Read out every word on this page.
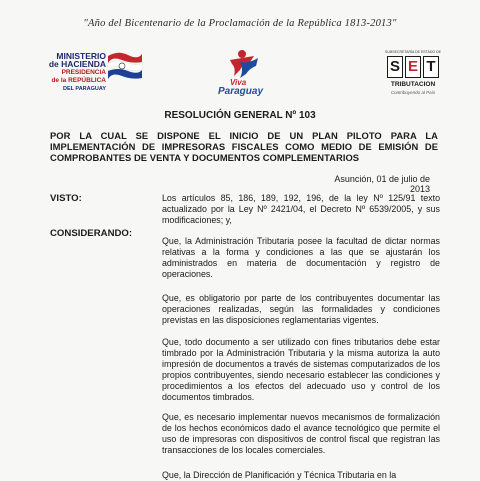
"Año del Bicentenario de la Proclamación de la República 1813-2013"
MINISTERIO
de HACIENDA
PRESIDENCIA
de la REPÚBLICA
DEL PARAGUAY
Viva
Paraguay
SUBSECRETARÍA DE ESTADO DE
S E T
TRIBUTACION
Contribuyendo al País
RESOLUCIÓN GENERAL Nº 103
POR LA CUAL SE DISPONE EL INICIO DE UN PLAN PILOTO PARA LA IMPLEMENTACIÓN DE IMPRESORAS FISCALES COMO MEDIO DE EMISIÓN DE COMPROBANTES DE VENTA Y DOCUMENTOS COMPLEMENTARIOS
Asunción, 01 de julio de 2013
VISTO:	Los artículos 85, 186, 189, 192, 196, de la ley Nº 125/91 texto actualizado por la Ley Nº 2421/04, el Decreto Nº 6539/2005, y sus modificaciones; y,
CONSIDERANDO:
Que, la Administración Tributaria posee la facultad de dictar normas relativas a la forma y condiciones a las que se ajustarán los administrados en materia de documentación y registro de operaciones.
Que, es obligatorio por parte de los contribuyentes documentar las operaciones realizadas, según las formalidades y condiciones previstas en las disposiciones reglamentarias vigentes.
Que, todo documento a ser utilizado con fines tributarios debe estar timbrado por la Administración Tributaria y la misma autoriza la auto impresión de documentos a través de sistemas computarizados de los propios contribuyentes, siendo necesario establecer las condiciones y procedimientos a los efectos del adecuado uso y control de los documentos timbrados.
Que, es necesario implementar nuevos mecanismos de formalización de los hechos económicos dado el avance tecnológico que permite el uso de impresoras con dispositivos de control fiscal que registran las transacciones de los locales comerciales.
Que, la Dirección de Planificación y Técnica Tributaria en la
